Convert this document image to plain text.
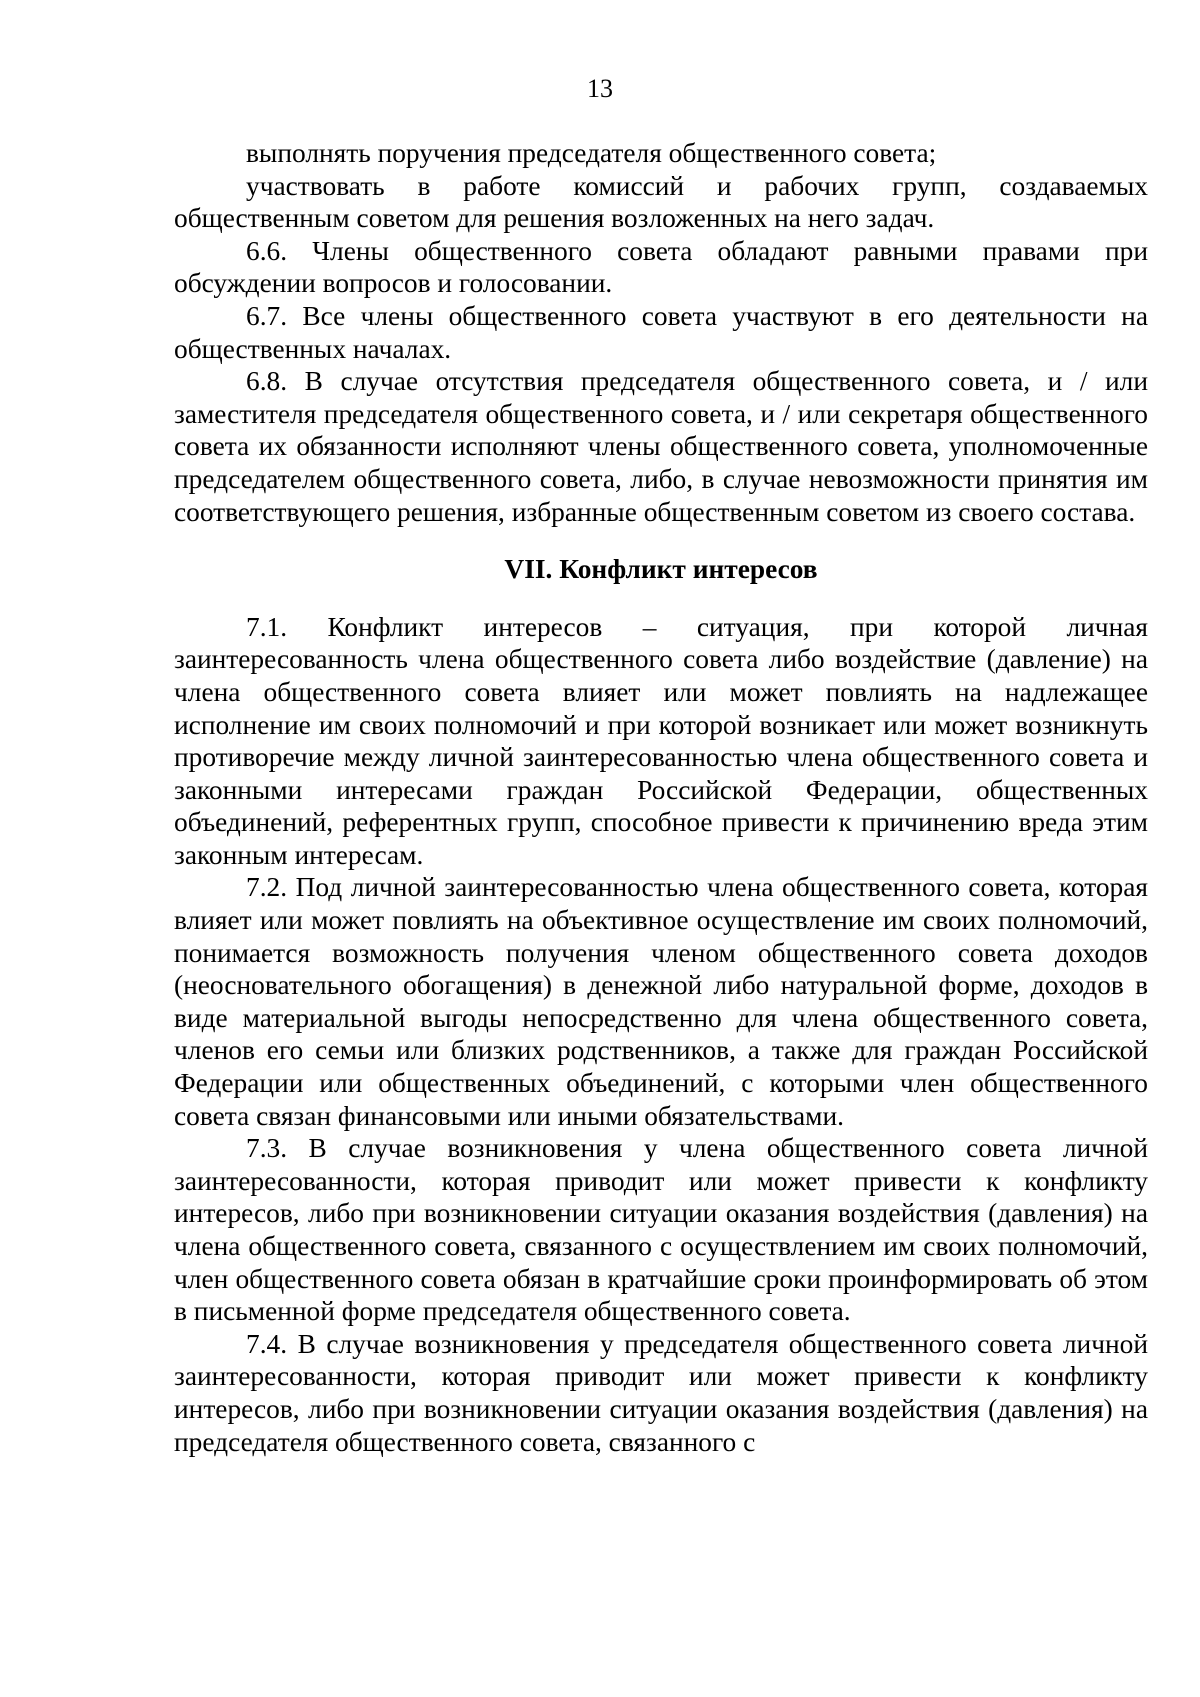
13

выполнять поручения председателя общественного совета;

участвовать в работе комиссий и рабочих групп, создаваемых общественным советом для решения возложенных на него задач.

6.6. Члены общественного совета обладают равными правами при обсуждении вопросов и голосовании.

6.7. Все члены общественного совета участвуют в его деятельности на общественных началах.

6.8. В случае отсутствия председателя общественного совета, и / или заместителя председателя общественного совета, и / или секретаря общественного совета их обязанности исполняют члены общественного совета, уполномоченные председателем общественного совета, либо, в случае невозможности принятия им соответствующего решения, избранные общественным советом из своего состава.

VII. Конфликт интересов

7.1. Конфликт интересов – ситуация, при которой личная заинтересованность члена общественного совета либо воздействие (давление) на члена общественного совета влияет или может повлиять на надлежащее исполнение им своих полномочий и при которой возникает или может возникнуть противоречие между личной заинтересованностью члена общественного совета и законными интересами граждан Российской Федерации, общественных объединений, референтных групп, способное привести к причинению вреда этим законным интересам.

7.2. Под личной заинтересованностью члена общественного совета, которая влияет или может повлиять на объективное осуществление им своих полномочий, понимается возможность получения членом общественного совета доходов (неосновательного обогащения) в денежной либо натуральной форме, доходов в виде материальной выгоды непосредственно для члена общественного совета, членов его семьи или близких родственников, а также для граждан Российской Федерации или общественных объединений, с которыми член общественного совета связан финансовыми или иными обязательствами.

7.3. В случае возникновения у члена общественного совета личной заинтересованности, которая приводит или может привести к конфликту интересов, либо при возникновении ситуации оказания воздействия (давления) на члена общественного совета, связанного с осуществлением им своих полномочий, член общественного совета обязан в кратчайшие сроки проинформировать об этом в письменной форме председателя общественного совета.

7.4. В случае возникновения у председателя общественного совета личной заинтересованности, которая приводит или может привести к конфликту интересов, либо при возникновении ситуации оказания воздействия (давления) на председателя общественного совета, связанного с
